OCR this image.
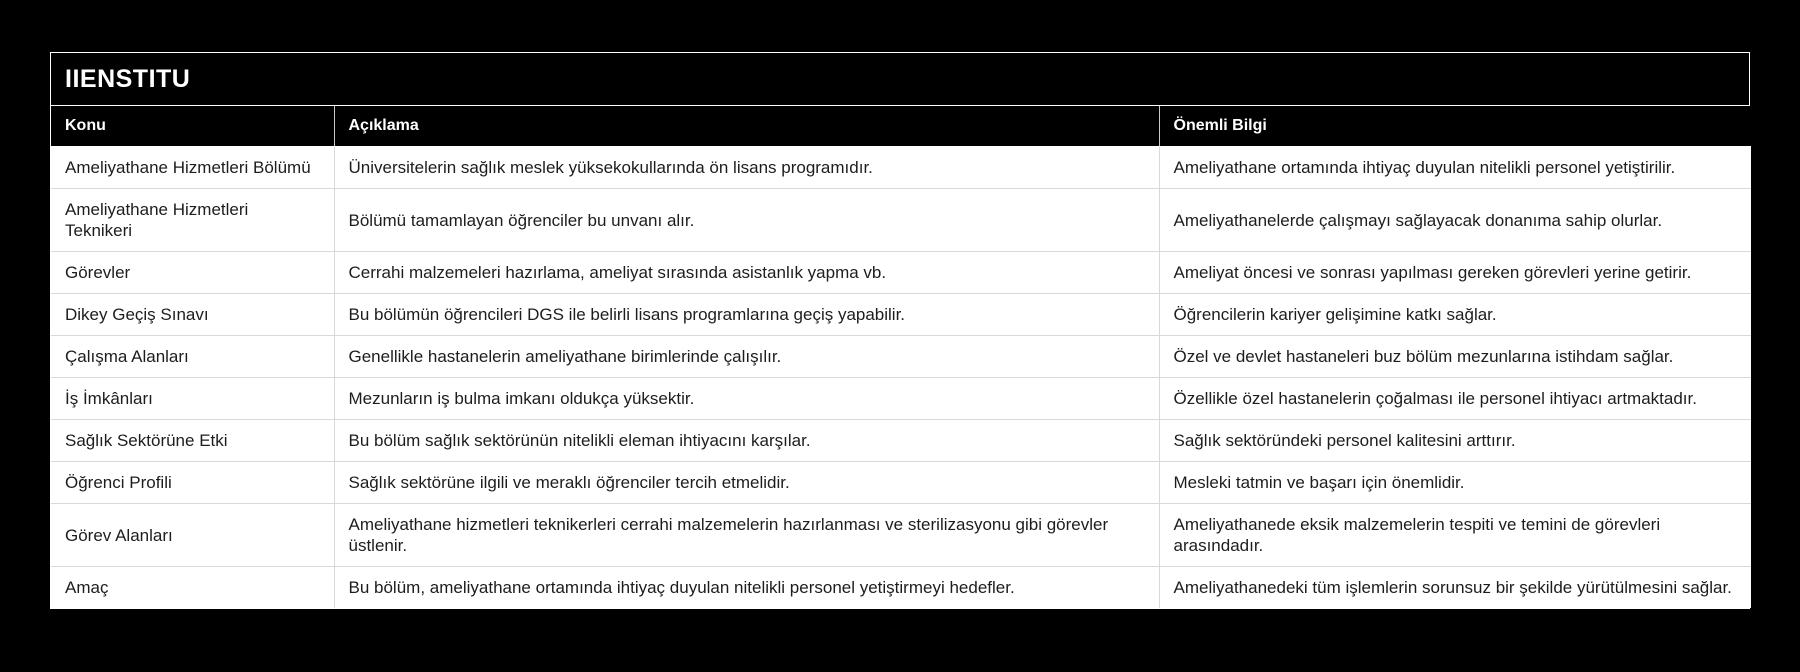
IIENSTITU
Konu	Açıklama	Önemli Bilgi
Ameliyathane Hizmetleri Bölümü	Üniversitelerin sağlık meslek yüksekokullarında ön lisans programıdır.	Ameliyathane ortamında ihtiyaç duyulan nitelikli personel yetiştirilir.
Ameliyathane Hizmetleri Teknikeri	Bölümü tamamlayan öğrenciler bu unvanı alır.	Ameliyathanelerde çalışmayı sağlayacak donanıma sahip olurlar.
Görevler	Cerrahi malzemeleri hazırlama, ameliyat sırasında asistanlık yapma vb.	Ameliyat öncesi ve sonrası yapılması gereken görevleri yerine getirir.
Dikey Geçiş Sınavı	Bu bölümün öğrencileri DGS ile belirli lisans programlarına geçiş yapabilir.	Öğrencilerin kariyer gelişimine katkı sağlar.
Çalışma Alanları	Genellikle hastanelerin ameliyathane birimlerinde çalışılır.	Özel ve devlet hastaneleri buz bölüm mezunlarına istihdam sağlar.
İş İmkânları	Mezunların iş bulma imkanı oldukça yüksektir.	Özellikle özel hastanelerin çoğalması ile personel ihtiyacı artmaktadır.
Sağlık Sektörüne Etki	Bu bölüm sağlık sektörünün nitelikli eleman ihtiyacını karşılar.	Sağlık sektöründeki personel kalitesini arttırır.
Öğrenci Profili	Sağlık sektörüne ilgili ve meraklı öğrenciler tercih etmelidir.	Mesleki tatmin ve başarı için önemlidir.
Görev Alanları	Ameliyathane hizmetleri teknikerleri cerrahi malzemelerin hazırlanması ve sterilizasyonu gibi görevler üstlenir.	Ameliyathanede eksik malzemelerin tespiti ve temini de görevleri arasındadır.
Amaç	Bu bölüm, ameliyathane ortamında ihtiyaç duyulan nitelikli personel yetiştirmeyi hedefler.	Ameliyathanedeki tüm işlemlerin sorunsuz bir şekilde yürütülmesini sağlar.
